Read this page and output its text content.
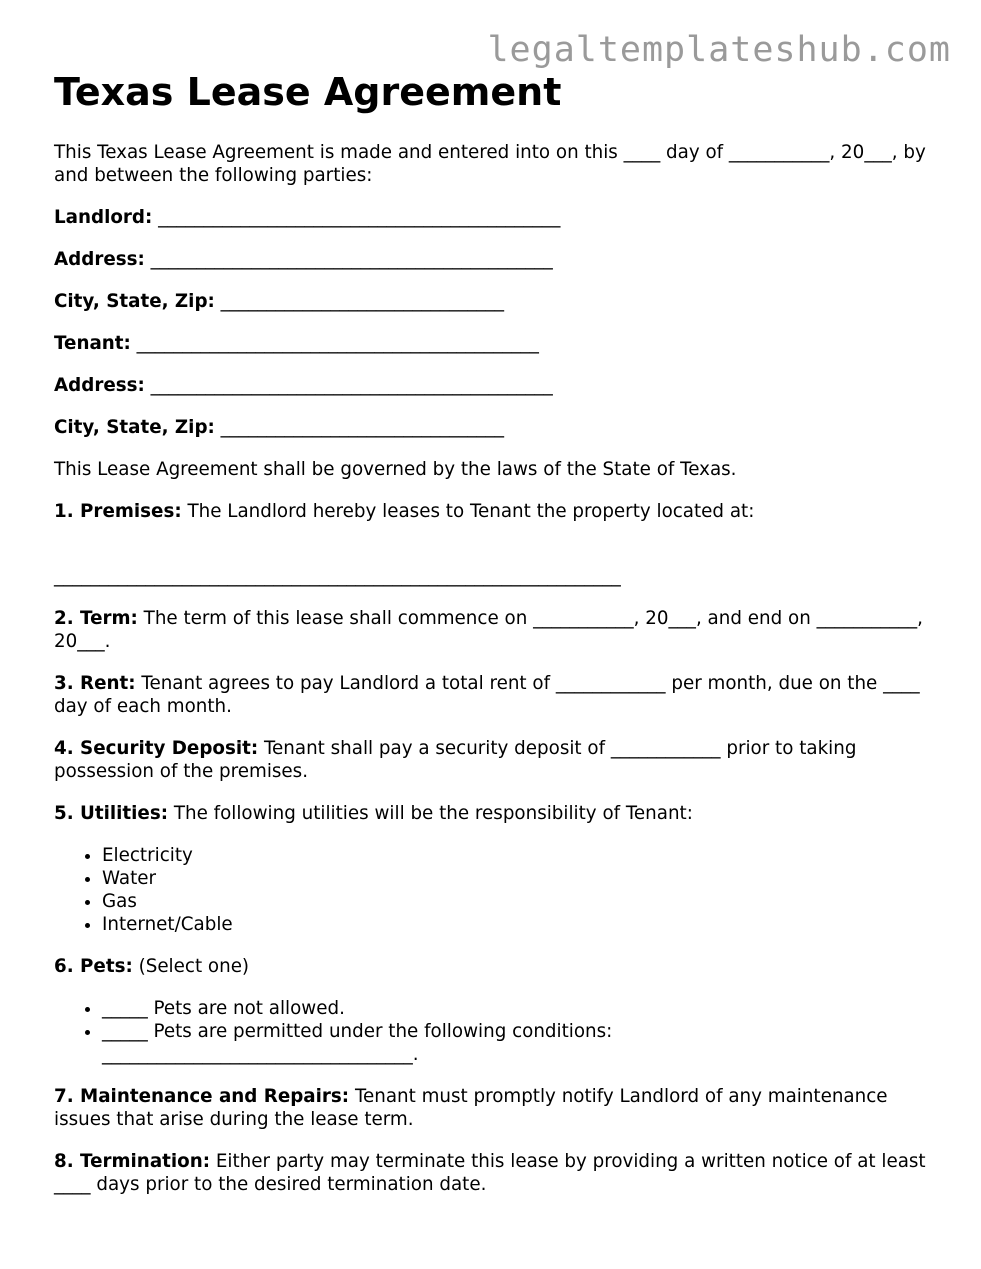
legaltemplateshub.com
Texas Lease Agreement

This Texas Lease Agreement is made and entered into on this ____ day of ___________, 20___, by and between the following parties:

Landlord: ____________________________________________

Address: ____________________________________________

City, State, Zip: _______________________________

Tenant: ____________________________________________

Address: ____________________________________________

City, State, Zip: _______________________________

This Lease Agreement shall be governed by the laws of the State of Texas.

1. Premises: The Landlord hereby leases to Tenant the property located at:

______________________________________________________________

2. Term: The term of this lease shall commence on ___________, 20___, and end on ___________, 20___.

3. Rent: Tenant agrees to pay Landlord a total rent of ____________ per month, due on the ____ day of each month.

4. Security Deposit: Tenant shall pay a security deposit of ____________ prior to taking possession of the premises.

5. Utilities: The following utilities will be the responsibility of Tenant:

• Electricity
• Water
• Gas
• Internet/Cable

6. Pets: (Select one)

• _____ Pets are not allowed.
• _____ Pets are permitted under the following conditions: __________________________________.

7. Maintenance and Repairs: Tenant must promptly notify Landlord of any maintenance issues that arise during the lease term.

8. Termination: Either party may terminate this lease by providing a written notice of at least ____ days prior to the desired termination date.
